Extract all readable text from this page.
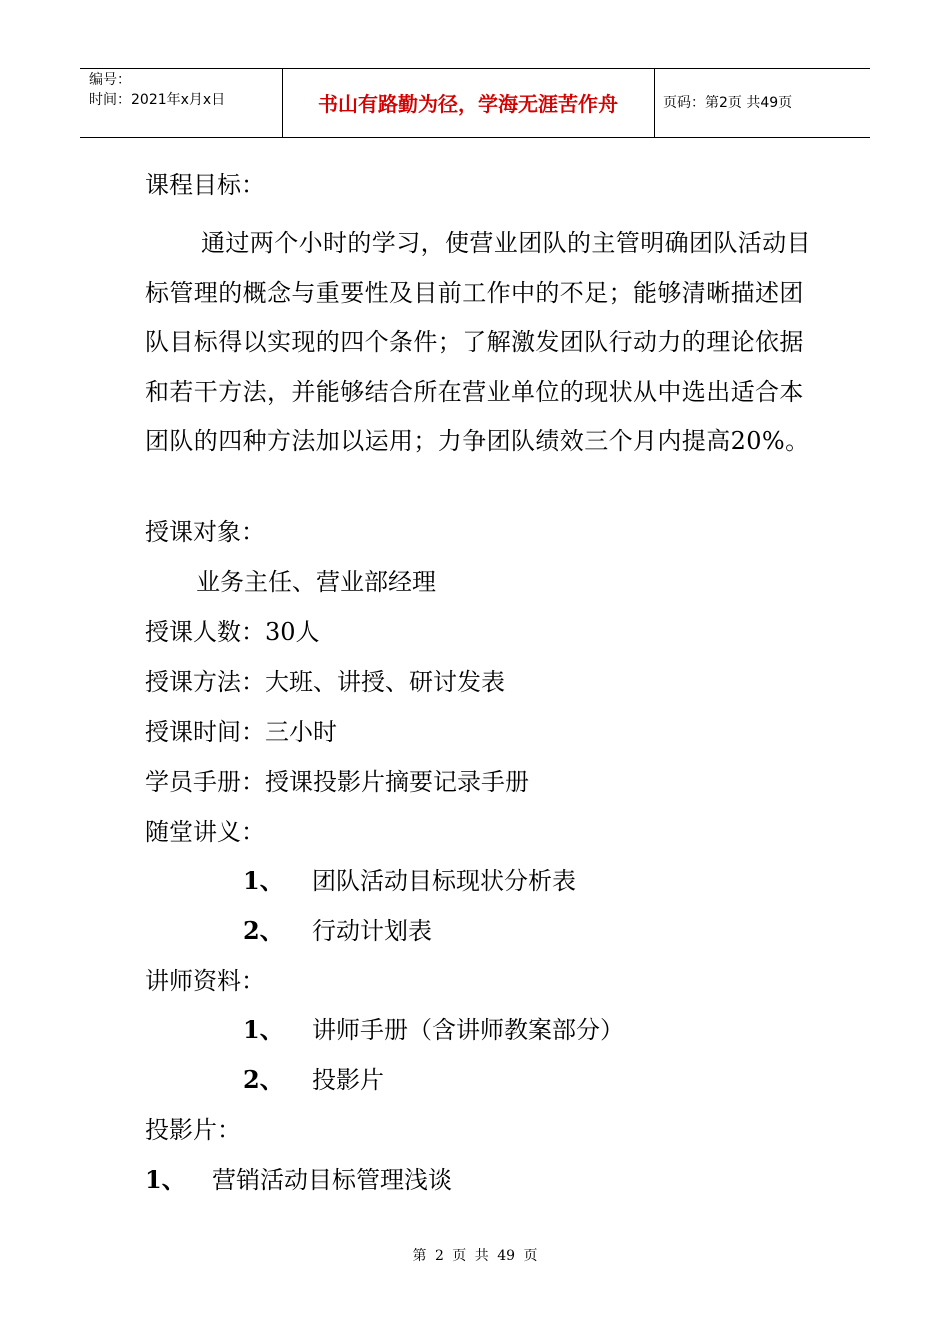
编号：
时间：2021年x月x日	书山有路勤为径，学海无涯苦作舟	页码：第2页 共49页
课程目标：
通过两个小时的学习，使营业团队的主管明确团队活动目标管理的概念与重要性及目前工作中的不足；能够清晰描述团队目标得以实现的四个条件；了解激发团队行动力的理论依据和若干方法，并能够结合所在营业单位的现状从中选出适合本团队的四种方法加以运用；力争团队绩效三个月内提高20%。
授课对象：
业务主任、营业部经理
授课人数：30人
授课方法：大班、讲授、研讨发表
授课时间：三小时
学员手册：授课投影片摘要记录手册
随堂讲义：
1、 团队活动目标现状分析表
2、 行动计划表
讲师资料：
1、 讲师手册（含讲师教案部分）
2、 投影片
投影片：
1、 营销活动目标管理浅谈
第 2 页 共 49 页
